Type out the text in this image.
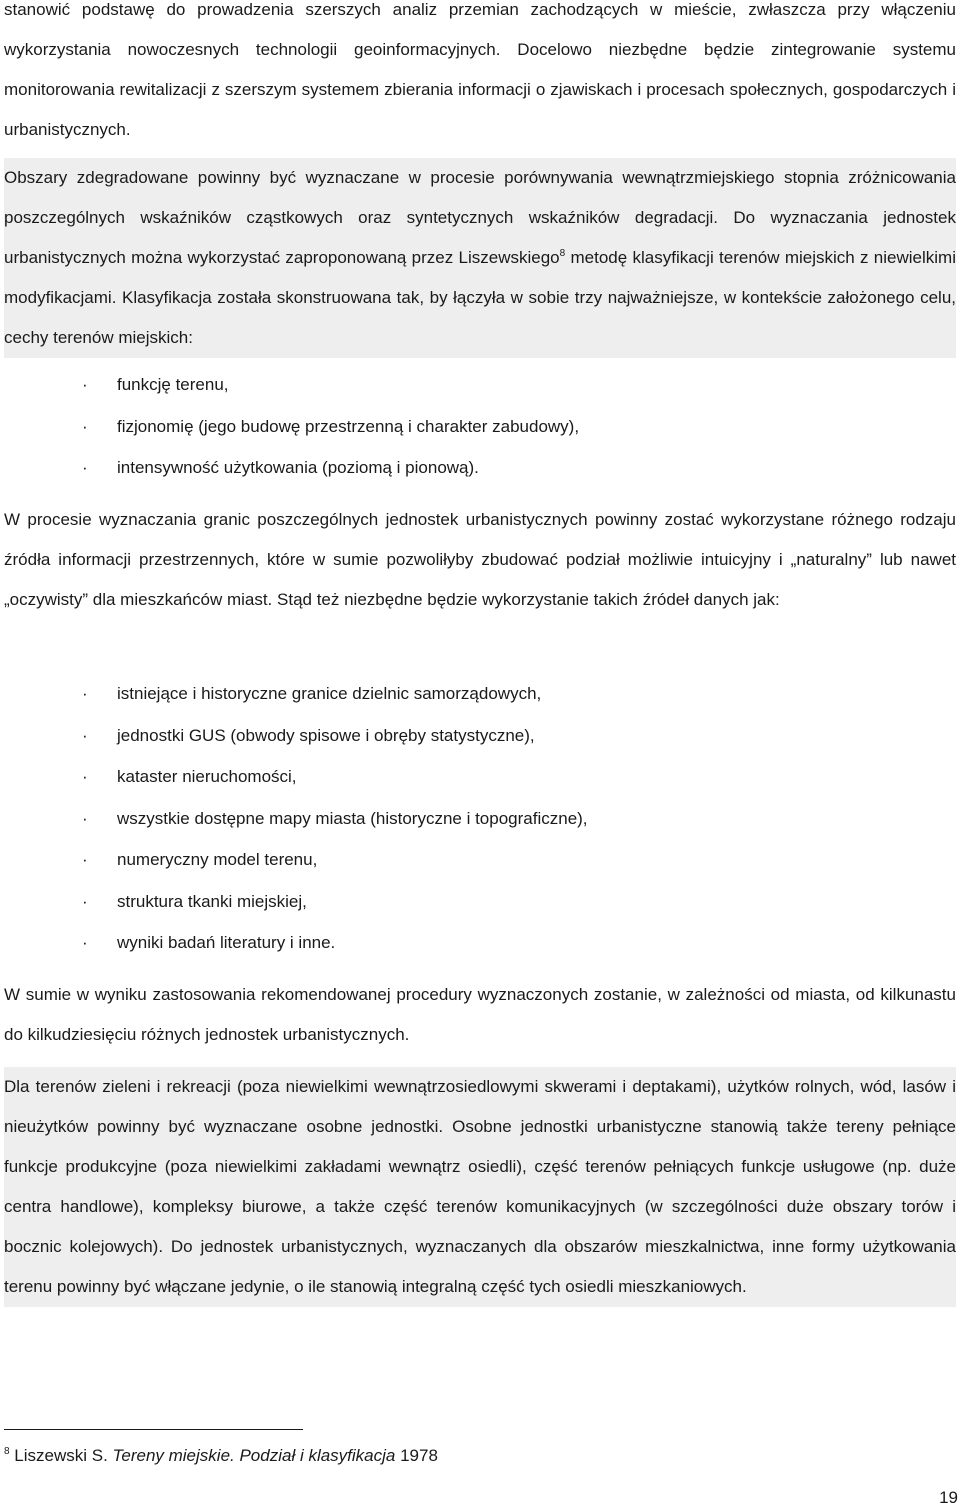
stanowić podstawę do prowadzenia szerszych analiz przemian zachodzących w mieście, zwłaszcza przy włączeniu wykorzystania nowoczesnych technologii geoinformacyjnych. Docelowo niezbędne będzie zintegrowanie systemu monitorowania rewitalizacji z szerszym systemem zbierania informacji o zjawiskach i procesach społecznych, gospodarczych i urbanistycznych.

Obszary zdegradowane powinny być wyznaczane w procesie porównywania wewnątrzmiejskiego stopnia zróżnicowania poszczególnych wskaźników cząstkowych oraz syntetycznych wskaźników degradacji. Do wyznaczania jednostek urbanistycznych można wykorzystać zaproponowaną przez Liszewskiego$^8$ metodę klasyfikacji terenów miejskich z niewielkimi modyfikacjami. Klasyfikacja została skonstruowana tak, by łączyła w sobie trzy najważniejsze, w kontekście założonego celu, cechy terenów miejskich:

· funkcję terenu,
· fizjonomię (jego budowę przestrzenną i charakter zabudowy),
· intensywność użytkowania (poziomą i pionową).

W procesie wyznaczania granic poszczególnych jednostek urbanistycznych powinny zostać wykorzystane różnego rodzaju źródła informacji przestrzennych, które w sumie pozwoliłyby zbudować podział możliwie intuicyjny i „naturalny” lub nawet „oczywisty” dla mieszkańców miast. Stąd też niezbędne będzie wykorzystanie takich źródeł danych jak:

· istniejące i historyczne granice dzielnic samorządowych,
· jednostki GUS (obwody spisowe i obręby statystyczne),
· kataster nieruchomości,
· wszystkie dostępne mapy miasta (historyczne i topograficzne),
· numeryczny model terenu,
· struktura tkanki miejskiej,
· wyniki badań literatury i inne.

W sumie w wyniku zastosowania rekomendowanej procedury wyznaczonych zostanie, w zależności od miasta, od kilkunastu do kilkudziesięciu różnych jednostek urbanistycznych.

Dla terenów zieleni i rekreacji (poza niewielkimi wewnątrzosiedlowymi skwerami i deptakami), użytków rolnych, wód, lasów i nieużytków powinny być wyznaczane osobne jednostki. Osobne jednostki urbanistyczne stanowią także tereny pełniące funkcje produkcyjne (poza niewielkimi zakładami wewnątrz osiedli), część terenów pełniących funkcje usługowe (np. duże centra handlowe), kompleksy biurowe, a także część terenów komunikacyjnych (w szczególności duże obszary torów i bocznic kolejowych). Do jednostek urbanistycznych, wyznaczanych dla obszarów mieszkalnictwa, inne formy użytkowania terenu powinny być włączane jedynie, o ile stanowią integralną część tych osiedli mieszkaniowych.

$^8$ Liszewski S. Tereny miejskie. Podział i klasyfikacja 1978
19
